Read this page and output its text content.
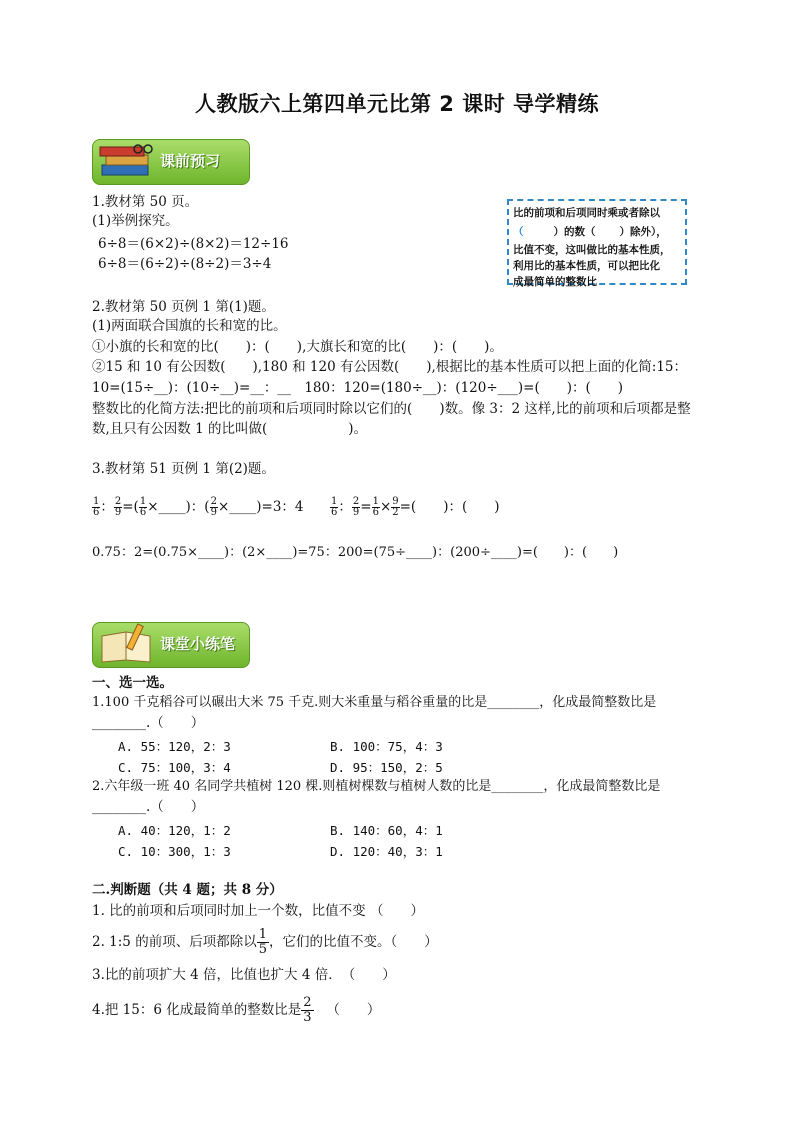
人教版六上第四单元比第 2 课时 导学精练
课前预习
比的前项和后项同时乘或者除以
（	）的数（ ）除外），
比值不变，这叫做比的基本性质，
利用比的基本性质，可以把比化
成最简单的整数比
1.教材第 50 页。
(1)举例探究。
6÷8＝(6×2)÷(8×2)＝12÷16
6÷8＝(6÷2)÷(8÷2)＝3÷4
2.教材第 50 页例 1 第(1)题。
(1)两面联合国旗的长和宽的比。
①小旗的长和宽的比(　　)：(　　),大旗长和宽的比(　　)：(　　)。
②15 和 10 有公因数(　　),180 和 120 有公因数(　　),根据比的基本性质可以把上面的化简:15：
10=(15÷__)：(10÷__)=__：__　180：120=(180÷__)：(120÷___)=(　　)：(　　)
整数比的化简方法:把比的前项和后项同时除以它们的(　　)数。像 3：2 这样,比的前项和后项都是整
数,且只有公因数 1 的比叫做(　　　　　　)。
3.教材第 51 页例 1 第(2)题。
$\frac{1}{6}$ ： $\frac{2}{9}$ =( $\frac{1}{6}$ ×____)：( $\frac{2}{9}$ ×____)=3：4	$\frac{1}{6}$ ： $\frac{2}{9} = \frac{1}{6} \times \frac{9}{2}$ =(　　)：(　　)
0.75：2=(0.75×____)：(2×____)=75：200=(75÷____)：(200÷____)=(　　)：(　　)
课堂小练笔
一、选一选。
1.100 千克稻谷可以碾出大米 75 千克.则大米重量与稻谷重量的比是________，化成最简整数比是
________.（　　）
A. 55：120，2：3	B. 100：75，4：3
C. 75：100，3：4	D. 95：150，2：5
2.六年级一班 40 名同学共植树 120 棵.则植树棵数与植树人数的比是________，化成最简整数比是
________.（　　）
A. 40：120，1：2	B. 140：60，4：1
C. 10：300，1：3	D. 120：40，3：1
二.判断题（共 4 题；共 8 分）
1. 比的前项和后项同时加上一个数，比值不变 （　　）
2. 1:5 的前项、后项都除以 $\frac{1}{5}$ ，它们的比值不变。（　　）
3.比的前项扩大 4 倍，比值也扩大 4 倍．　（　　）
4.把 15：6 化成最简单的整数比是 $\frac{2}{3}$ （　　）
